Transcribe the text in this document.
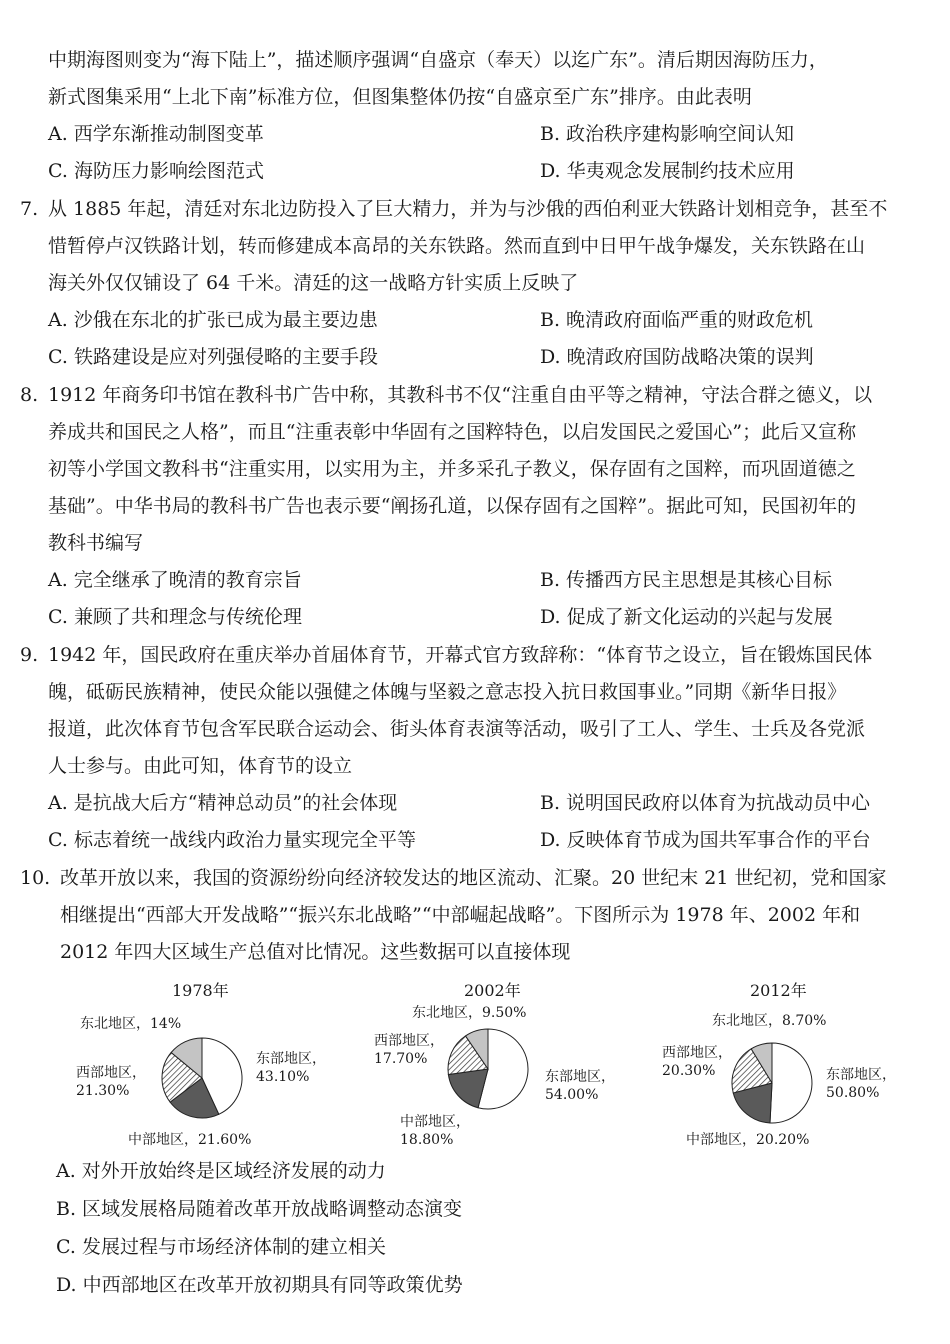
中期海图则变为“海下陆上”，描述顺序强调“自盛京（奉天）以迄广东”。清后期因海防压力，
新式图集采用“上北下南”标准方位，但图集整体仍按“自盛京至广东”排序。由此表明
A. 西学东渐推动制图变革	B. 政治秩序建构影响空间认知
C. 海防压力影响绘图范式	D. 华夷观念发展制约技术应用
7. 从 1885 年起，清廷对东北边防投入了巨大精力，并为与沙俄的西伯利亚大铁路计划相竞争，甚至不
惜暂停卢汉铁路计划，转而修建成本高昂的关东铁路。然而直到中日甲午战争爆发，关东铁路在山
海关外仅仅铺设了 64 千米。清廷的这一战略方针实质上反映了
A. 沙俄在东北的扩张已成为最主要边患	B. 晚清政府面临严重的财政危机
C. 铁路建设是应对列强侵略的主要手段	D. 晚清政府国防战略决策的误判
8. 1912 年商务印书馆在教科书广告中称，其教科书不仅“注重自由平等之精神，守法合群之德义，以
养成共和国民之人格”，而且“注重表彰中华固有之国粹特色，以启发国民之爱国心”；此后又宣称
初等小学国文教科书“注重实用，以实用为主，并多采孔子教义，保存固有之国粹，而巩固道德之
基础”。中华书局的教科书广告也表示要“阐扬孔道，以保存固有之国粹”。据此可知，民国初年的
教科书编写
A. 完全继承了晚清的教育宗旨	B. 传播西方民主思想是其核心目标
C. 兼顾了共和理念与传统伦理	D. 促成了新文化运动的兴起与发展
9. 1942 年，国民政府在重庆举办首届体育节，开幕式官方致辞称：“体育节之设立，旨在锻炼国民体
魄，砥砺民族精神，使民众能以强健之体魄与坚毅之意志投入抗日救国事业。”同期《新华日报》
报道，此次体育节包含军民联合运动会、街头体育表演等活动，吸引了工人、学生、士兵及各党派
人士参与。由此可知，体育节的设立
A. 是抗战大后方“精神总动员”的社会体现	B. 说明国民政府以体育为抗战动员中心
C. 标志着统一战线内政治力量实现完全平等	D. 反映体育节成为国共军事合作的平台
10. 改革开放以来，我国的资源纷纷向经济较发达的地区流动、汇聚。20 世纪末 21 世纪初，党和国家
相继提出“西部大开发战略”“振兴东北战略”“中部崛起战略”。下图所示为 1978 年、2002 年和
2012 年四大区域生产总值对比情况。这些数据可以直接体现
1978年
东北地区，14%
东部地区，
43.10%
西部地区，
21.30%
中部地区，21.60%
2002年
东北地区，9.50%
西部地区，
17.70%
东部地区，
54.00%
中部地区，
18.80%
2012年
东北地区，8.70%
西部地区，
20.30%	东部地区，
50.80%
中部地区，20.20%
A. 对外开放始终是区域经济发展的动力
B. 区域发展格局随着改革开放战略调整动态演变
C. 发展过程与市场经济体制的建立相关
D. 中西部地区在改革开放初期具有同等政策优势
